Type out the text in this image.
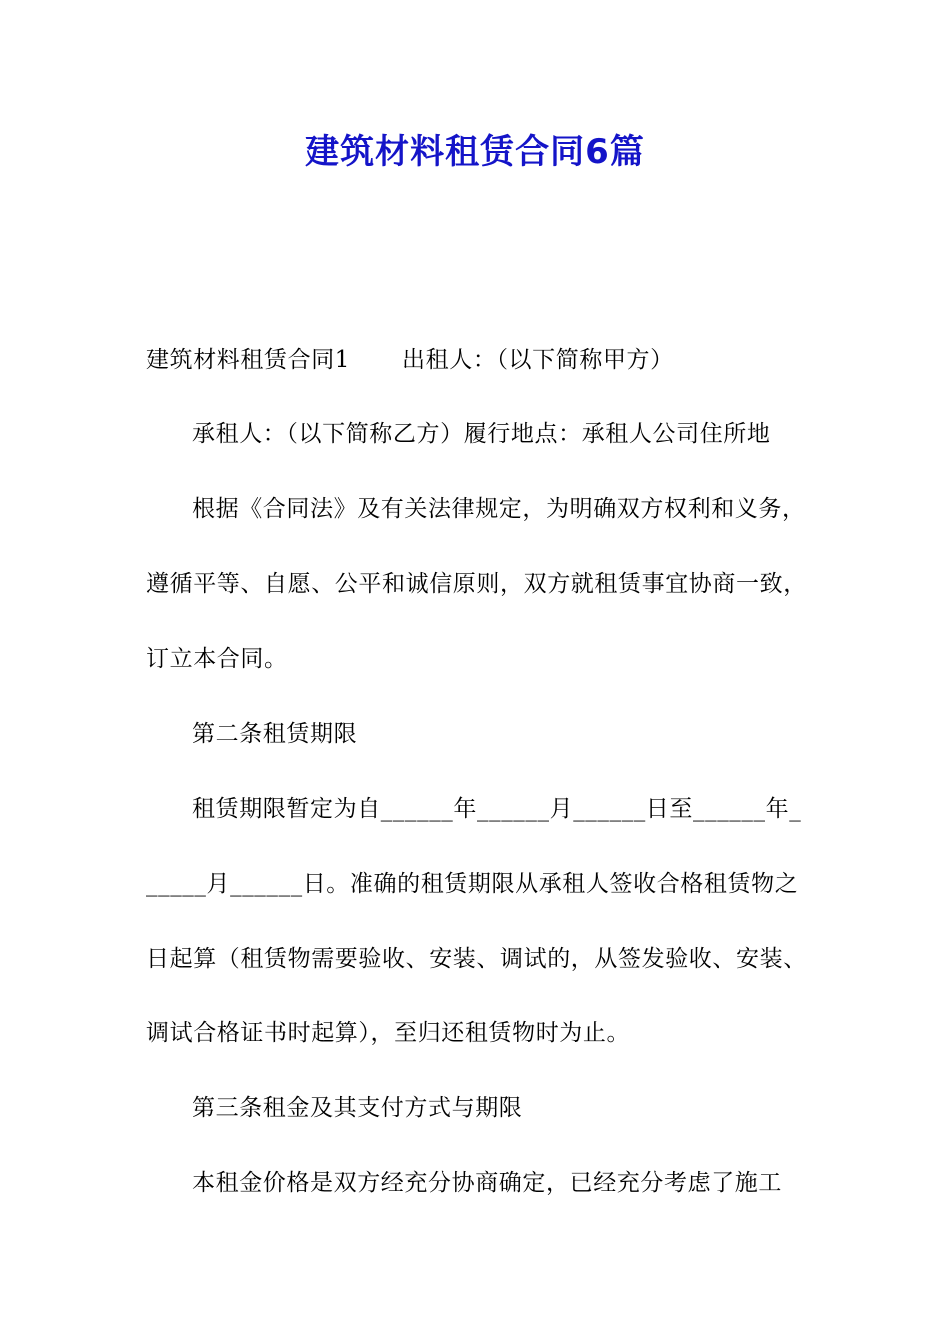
建筑材料租赁合同6篇
建筑材料租赁合同1 出租人：（以下简称甲方）
承租人：（以下简称乙方）履行地点：承租人公司住所地
根据《合同法》及有关法律规定，为明确双方权利和义务，
遵循平等、自愿、公平和诚信原则，双方就租赁事宜协商一致，
订立本合同。
第二条租赁期限
租赁期限暂定为自______年______月______日至______年_
_____月______日。准确的租赁期限从承租人签收合格租赁物之
日起算（租赁物需要验收、安装、调试的，从签发验收、安装、
调试合格证书时起算），至归还租赁物时为止。
第三条租金及其支付方式与期限
本租金价格是双方经充分协商确定，已经充分考虑了施工
